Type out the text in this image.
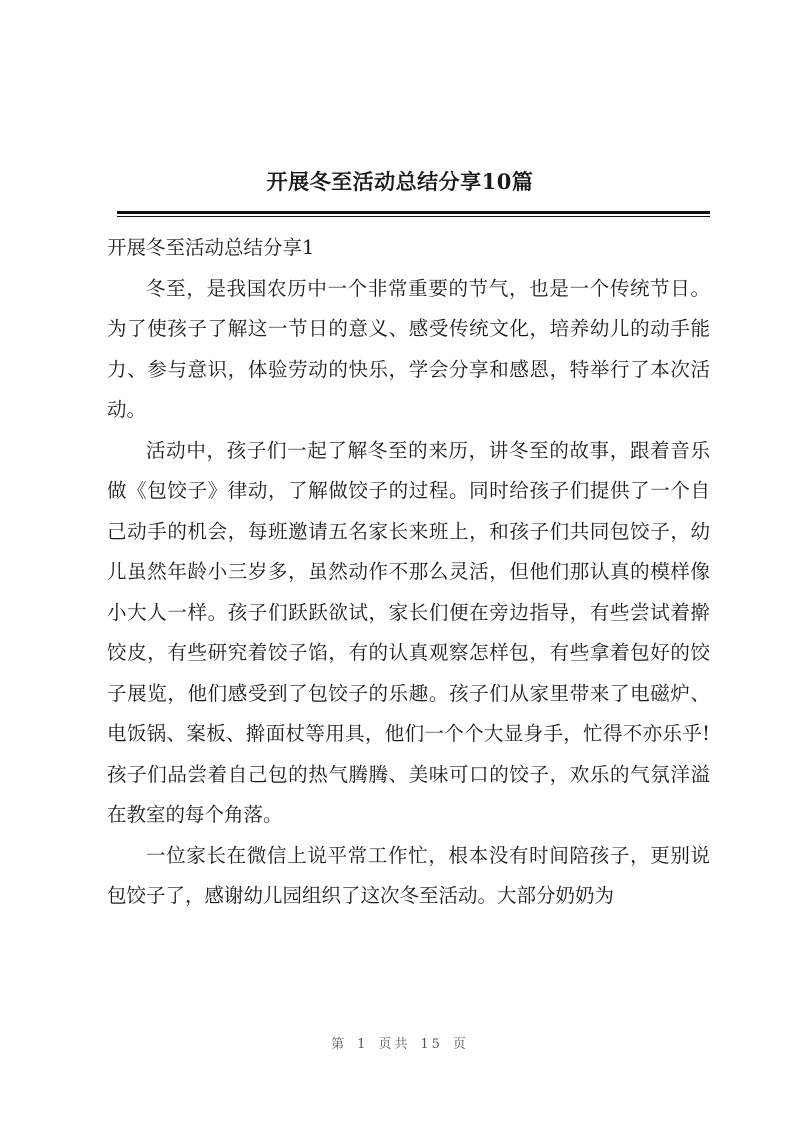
开展冬至活动总结分享10篇

开展冬至活动总结分享1

冬至，是我国农历中一个非常重要的节气，也是一个传统节日。为了使孩子了解这一节日的意义、感受传统文化，培养幼儿的动手能力、参与意识，体验劳动的快乐，学会分享和感恩，特举行了本次活动。

活动中，孩子们一起了解冬至的来历，讲冬至的故事，跟着音乐做《包饺子》律动，了解做饺子的过程。同时给孩子们提供了一个自己动手的机会，每班邀请五名家长来班上，和孩子们共同包饺子，幼儿虽然年龄小三岁多，虽然动作不那么灵活，但他们那认真的模样像小大人一样。孩子们跃跃欲试，家长们便在旁边指导，有些尝试着擀饺皮，有些研究着饺子馅，有的认真观察怎样包，有些拿着包好的饺子展览，他们感受到了包饺子的乐趣。孩子们从家里带来了电磁炉、电饭锅、案板、擀面杖等用具，他们一个个大显身手，忙得不亦乐乎!孩子们品尝着自己包的热气腾腾、美味可口的饺子，欢乐的气氛洋溢在教室的每个角落。

一位家长在微信上说平常工作忙，根本没有时间陪孩子，更别说包饺子了，感谢幼儿园组织了这次冬至活动。大部分奶奶为

第 1 页共 15 页
